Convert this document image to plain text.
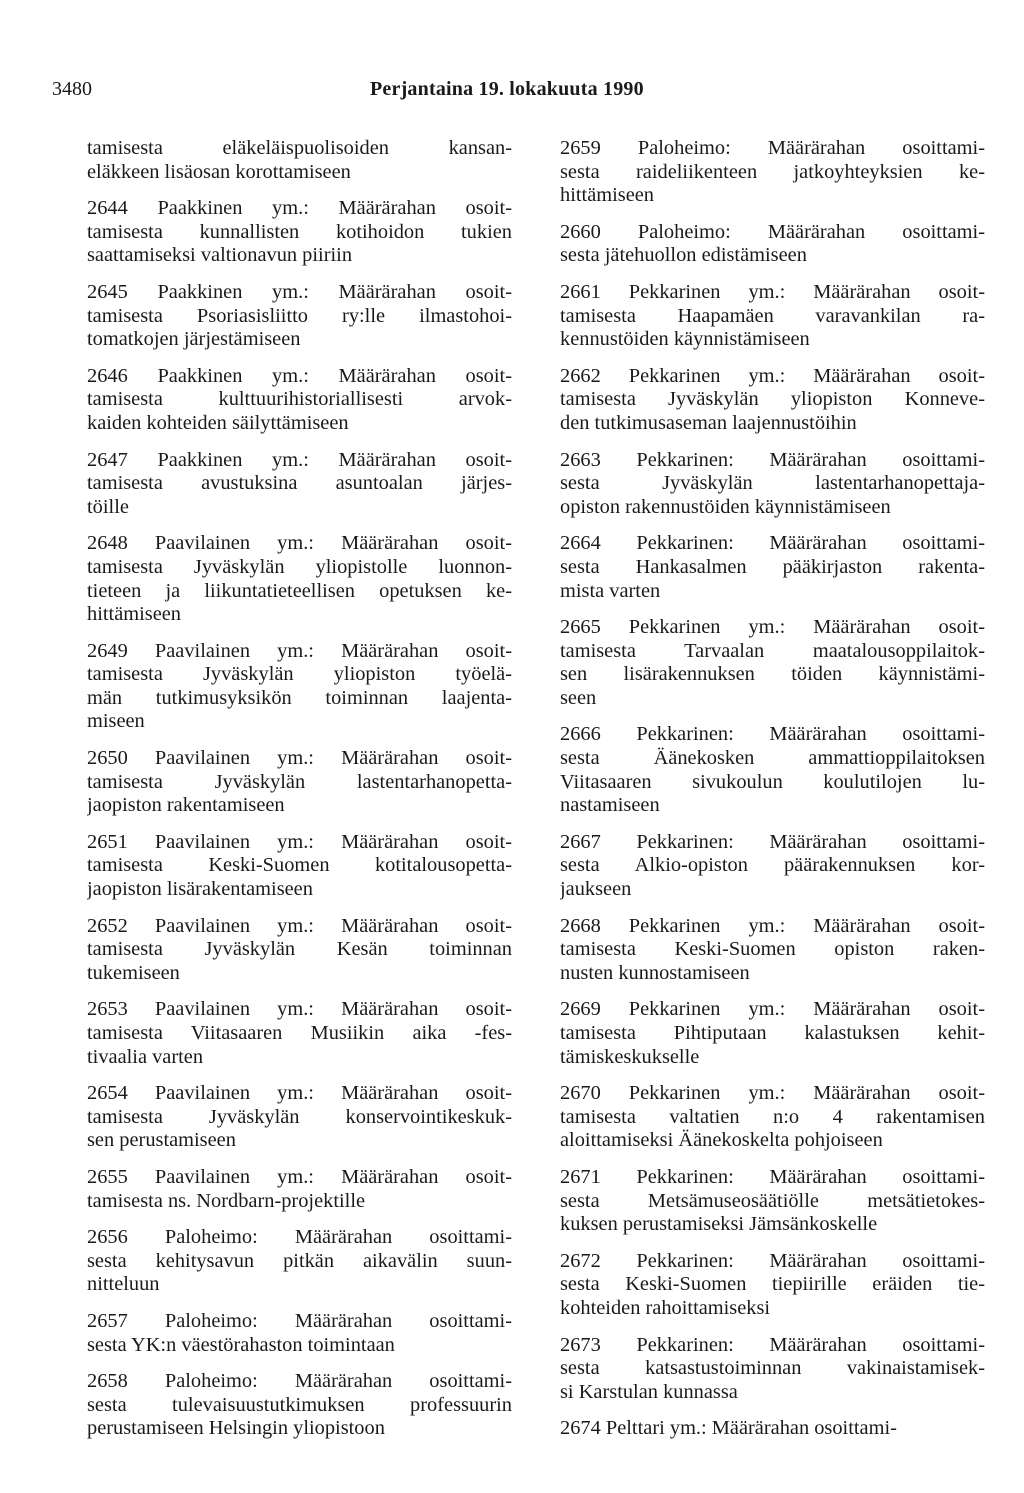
3480	Perjantaina 19. lokakuuta 1990
tamisesta eläkeläispuolisoiden kansan-
eläkkeen lisäosan korottamiseen
2644 Paakkinen ym.: Määrärahan osoit-
tamisesta kunnallisten kotihoidon tukien
saattamiseksi valtionavun piiriin
2645 Paakkinen ym.: Määrärahan osoit-
tamisesta Psoriasisliitto ry:lle ilmastohoi-
tomatkojen järjestämiseen
2646 Paakkinen ym.: Määrärahan osoit-
tamisesta kulttuurihistoriallisesti arvok-
kaiden kohteiden säilyttämiseen
2647 Paakkinen ym.: Määrärahan osoit-
tamisesta avustuksina asuntoalan järjes-
töille
2648 Paavilainen ym.: Määrärahan osoit-
tamisesta Jyväskylän yliopistolle luonnon-
tieteen ja liikuntatieteellisen opetuksen ke-
hittämiseen
2649 Paavilainen ym.: Määrärahan osoit-
tamisesta Jyväskylän yliopiston työelä-
män tutkimusyksikön toiminnan laajenta-
miseen
2650 Paavilainen ym.: Määrärahan osoit-
tamisesta Jyväskylän lastentarhanopetta-
jaopiston rakentamiseen
2651 Paavilainen ym.: Määrärahan osoit-
tamisesta Keski-Suomen kotitalousopetta-
jaopiston lisärakentamiseen
2652 Paavilainen ym.: Määrärahan osoit-
tamisesta Jyväskylän Kesän toiminnan
tukemiseen
2653 Paavilainen ym.: Määrärahan osoit-
tamisesta Viitasaaren Musiikin aika -fes-
tivaalia varten
2654 Paavilainen ym.: Määrärahan osoit-
tamisesta Jyväskylän konservointikeskuk-
sen perustamiseen
2655 Paavilainen ym.: Määrärahan osoit-
tamisesta ns. Nordbarn-projektille
2656 Paloheimo: Määrärahan osoittami-
sesta kehitysavun pitkän aikavälin suun-
nitteluun
2657 Paloheimo: Määrärahan osoittami-
sesta YK:n väestörahaston toimintaan
2658 Paloheimo: Määrärahan osoittami-
sesta tulevaisuustutkimuksen professuurin
perustamiseen Helsingin yliopistoon
2659 Paloheimo: Määrärahan osoittami-
sesta raideliikenteen jatkoyhteyksien ke-
hittämiseen
2660 Paloheimo: Määrärahan osoittami-
sesta jätehuollon edistämiseen
2661 Pekkarinen ym.: Määrärahan osoit-
tamisesta Haapamäen varavankilan ra-
kennustöiden käynnistämiseen
2662 Pekkarinen ym.: Määrärahan osoit-
tamisesta Jyväskylän yliopiston Konneve-
den tutkimusaseman laajennustöihin
2663 Pekkarinen: Määrärahan osoittami-
sesta Jyväskylän lastentarhanopettaja-
opiston rakennustöiden käynnistämiseen
2664 Pekkarinen: Määrärahan osoittami-
sesta Hankasalmen pääkirjaston rakenta-
mista varten
2665 Pekkarinen ym.: Määrärahan osoit-
tamisesta Tarvaalan maatalousoppilaitok-
sen lisärakennuksen töiden käynnistämi-
seen
2666 Pekkarinen: Määrärahan osoittami-
sesta Äänekosken ammattioppilaitoksen
Viitasaaren sivukoulun koulutilojen lu-
nastamiseen
2667 Pekkarinen: Määrärahan osoittami-
sesta Alkio-opiston päärakennuksen kor-
jaukseen
2668 Pekkarinen ym.: Määrärahan osoit-
tamisesta Keski-Suomen opiston raken-
nusten kunnostamiseen
2669 Pekkarinen ym.: Määrärahan osoit-
tamisesta Pihtiputaan kalastuksen kehit-
tämiskeskukselle
2670 Pekkarinen ym.: Määrärahan osoit-
tamisesta valtatien n:o 4 rakentamisen
aloittamiseksi Äänekoskelta pohjoiseen
2671 Pekkarinen: Määrärahan osoittami-
sesta Metsämuseosäätiölle metsätietokes-
kuksen perustamiseksi Jämsänkoskelle
2672 Pekkarinen: Määrärahan osoittami-
sesta Keski-Suomen tiepiirille eräiden tie-
kohteiden rahoittamiseksi
2673 Pekkarinen: Määrärahan osoittami-
sesta katsastustoiminnan vakinaistamisek-
si Karstulan kunnassa
2674 Pelttari ym.: Määrärahan osoittami-
